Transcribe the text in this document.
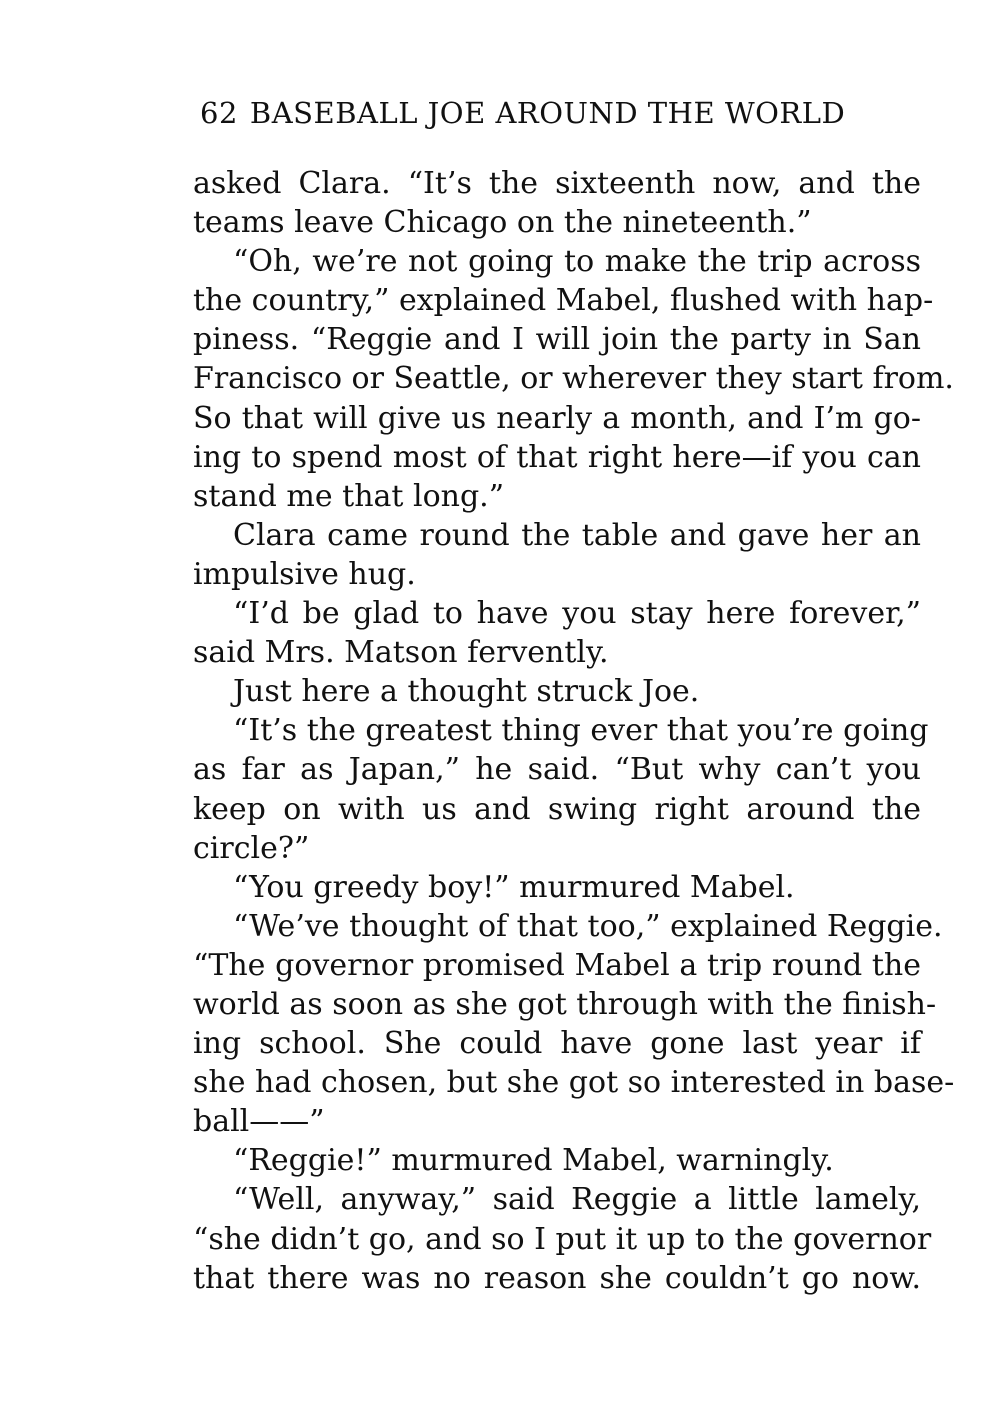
62 BASEBALL JOE AROUND THE WORLD
asked Clara. “It’s the sixteenth now, and the
teams leave Chicago on the nineteenth.”
“Oh, we’re not going to make the trip across
the country,” explained Mabel, flushed with hap-
piness. “Reggie and I will join the party in San
Francisco or Seattle, or wherever they start from.
So that will give us nearly a month, and I’m go-
ing to spend most of that right here—if you can
stand me that long.”
Clara came round the table and gave her an
impulsive hug.
“I’d be glad to have you stay here forever,”
said Mrs. Matson fervently.
Just here a thought struck Joe.
“It’s the greatest thing ever that you’re going
as far as Japan,” he said. “But why can’t you
keep on with us and swing right around the
circle?”
“You greedy boy!” murmured Mabel.
“We’ve thought of that too,” explained Reggie.
“The governor promised Mabel a trip round the
world as soon as she got through with the finish-
ing school. She could have gone last year if
she had chosen, but she got so interested in base-
ball——”
“Reggie!” murmured Mabel, warningly.
“Well, anyway,” said Reggie a little lamely,
“she didn’t go, and so I put it up to the governor
that there was no reason she couldn’t go now.
